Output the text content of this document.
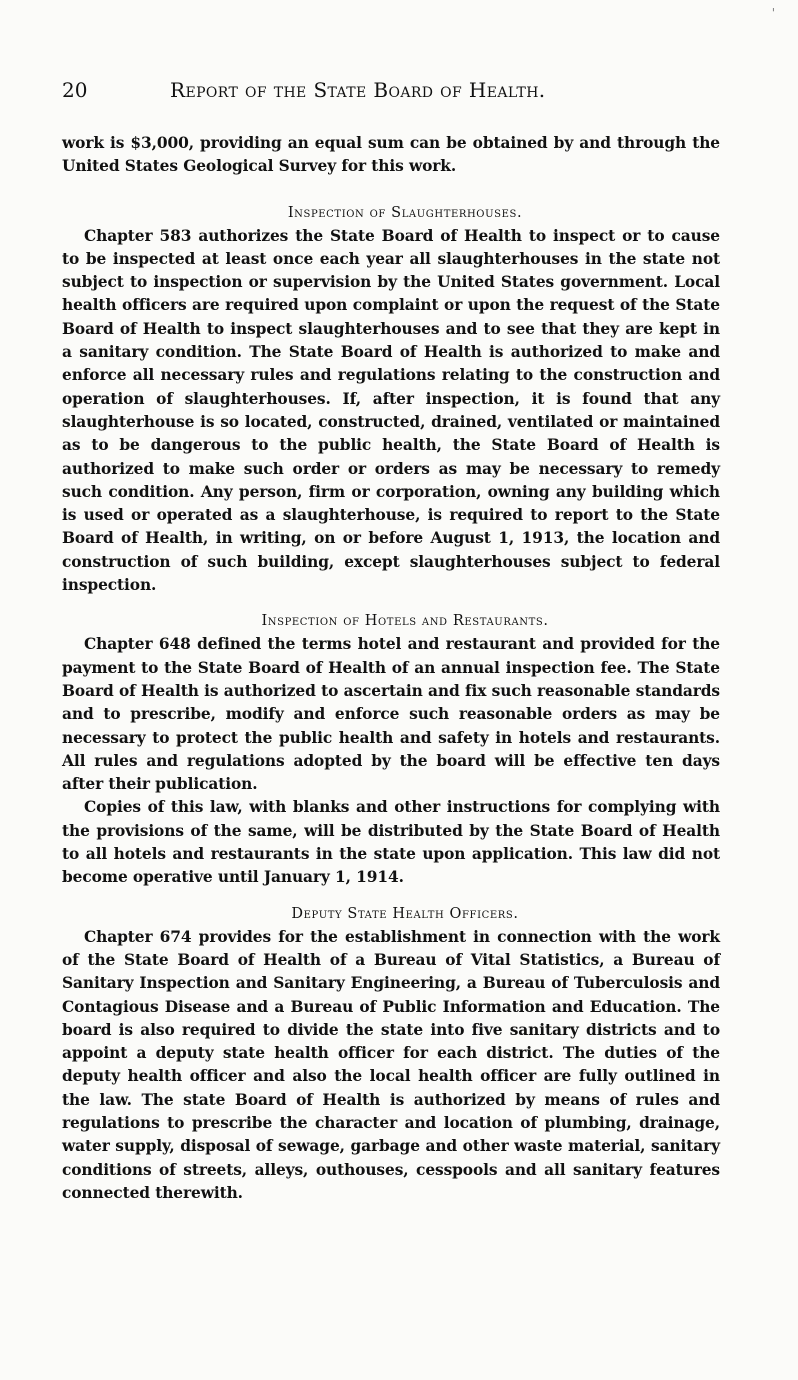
'
20	Report of the State Board of Health.

work is $3,000, providing an equal sum can be obtained by and through the United States Geological Survey for this work.

Inspection of Slaughterhouses.

Chapter 583 authorizes the State Board of Health to inspect or to cause to be inspected at least once each year all slaughterhouses in the state not subject to inspection or supervision by the United States government. Local health officers are required upon complaint or upon the request of the State Board of Health to inspect slaughterhouses and to see that they are kept in a sanitary condition. The State Board of Health is authorized to make and enforce all necessary rules and regulations relating to the construction and operation of slaughterhouses. If, after inspection, it is found that any slaughterhouse is so located, constructed, drained, ventilated or maintained as to be dangerous to the public health, the State Board of Health is authorized to make such order or orders as may be necessary to remedy such condition. Any person, firm or corporation, owning any building which is used or operated as a slaughterhouse, is required to report to the State Board of Health, in writing, on or before August 1, 1913, the location and construction of such building, except slaughterhouses subject to federal inspection.

Inspection of Hotels and Restaurants.

Chapter 648 defined the terms hotel and restaurant and provided for the payment to the State Board of Health of an annual inspection fee. The State Board of Health is authorized to ascertain and fix such reasonable standards and to prescribe, modify and enforce such reasonable orders as may be necessary to protect the public health and safety in hotels and restaurants. All rules and regulations adopted by the board will be effective ten days after their publication.

Copies of this law, with blanks and other instructions for complying with the provisions of the same, will be distributed by the State Board of Health to all hotels and restaurants in the state upon application. This law did not become operative until January 1, 1914.

Deputy State Health Officers.

Chapter 674 provides for the establishment in connection with the work of the State Board of Health of a Bureau of Vital Statistics, a Bureau of Sanitary Inspection and Sanitary Engineering, a Bureau of Tuberculosis and Contagious Disease and a Bureau of Public Information and Education. The board is also required to divide the state into five sanitary districts and to appoint a deputy state health officer for each district. The duties of the deputy health officer and also the local health officer are fully outlined in the law. The state Board of Health is authorized by means of rules and regulations to prescribe the character and location of plumbing, drainage, water supply, disposal of sewage, garbage and other waste material, sanitary conditions of streets, alleys, outhouses, cesspools and all sanitary features connected therewith.
